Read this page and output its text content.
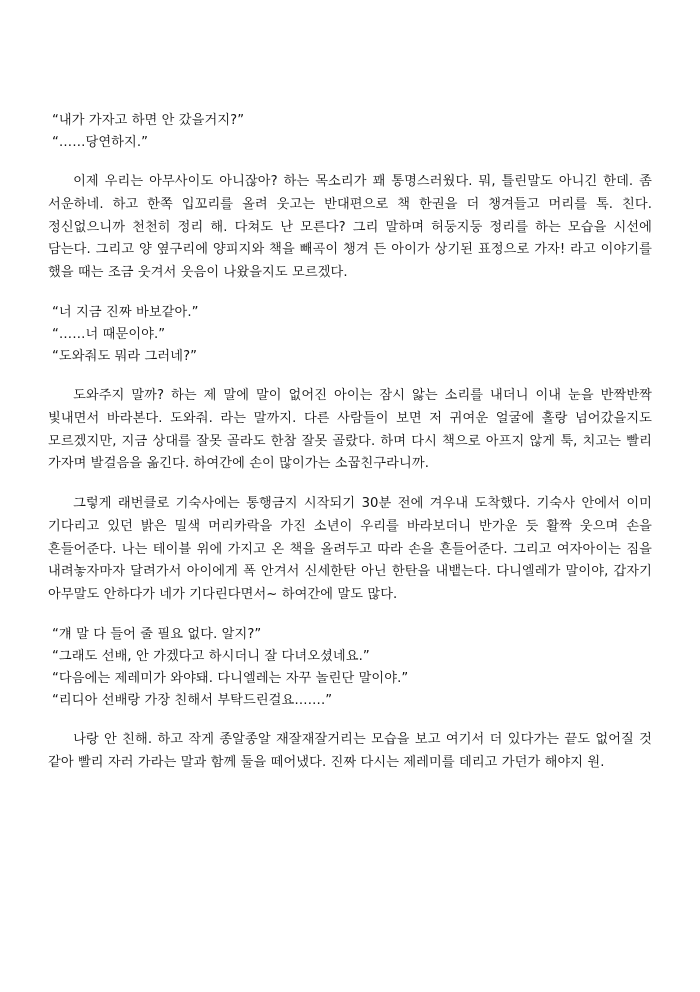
“내가 가자고 하면 안 갔을거지?”

“……당연하지.”

이제 우리는 아무사이도 아니잖아? 하는 목소리가 꽤 통명스러웠다. 뭐, 틀린말도 아니긴 한데. 좀 서운하네. 하고 한쪽 입꼬리를 올려 웃고는 반대편으로 책 한권을 더 챙겨들고 머리를 톡. 친다. 정신없으니까 천천히 정리 해. 다쳐도 난 모른다? 그리 말하며 허둥지둥 정리를 하는 모습을 시선에 담는다. 그리고 양 옆구리에 양피지와 책을 빼곡이 챙겨 든 아이가 상기된 표정으로 가자! 라고 이야기를 했을 때는 조금 웃겨서 웃음이 나왔을지도 모르겠다.

“너 지금 진짜 바보같아.”

“……너 때문이야.”

“도와줘도 뭐라 그러네?”

도와주지 말까? 하는 제 말에 말이 없어진 아이는 잠시 앓는 소리를 내더니 이내 눈을 반짝반짝 빛내면서 바라본다. 도와줘. 라는 말까지. 다른 사람들이 보면 저 귀여운 얼굴에 홀랑 넘어갔을지도 모르겠지만, 지금 상대를 잘못 골라도 한참 잘못 골랐다. 하며 다시 책으로 아프지 않게 툭, 치고는 빨리 가자며 발걸음을 옮긴다. 하여간에 손이 많이가는 소꿉친구라니까.

그렇게 래번클로 기숙사에는 통행금지 시작되기 30분 전에 겨우내 도착했다. 기숙사 안에서 이미 기다리고 있던 밝은 밀색 머리카락을 가진 소년이 우리를 바라보더니 반가운 듯 활짝 웃으며 손을 흔들어준다. 나는 테이블 위에 가지고 온 책을 올려두고 따라 손을 흔들어준다. 그리고 여자아이는 짐을 내려놓자마자 달려가서 아이에게 폭 안겨서 신세한탄 아닌 한탄을 내뱉는다. 다니엘레가 말이야, 갑자기 아무말도 안하다가 네가 기다린다면서~ 하여간에 말도 많다.

“걔 말 다 들어 줄 필요 없다. 알지?”

“그래도 선배, 안 가겠다고 하시더니 잘 다녀오셨네요.”

“다음에는 제레미가 와야돼. 다니엘레는 자꾸 놀린단 말이야.”

“리디아 선배랑 가장 친해서 부탁드린걸요…….”

나랑 안 친해. 하고 작게 종알종알 재잘재잘거리는 모습을 보고 여기서 더 있다가는 끝도 없어질 것 같아 빨리 자러 가라는 말과 함께 둘을 떼어냈다. 진짜 다시는 제레미를 데리고 가던가 해야지 원.
